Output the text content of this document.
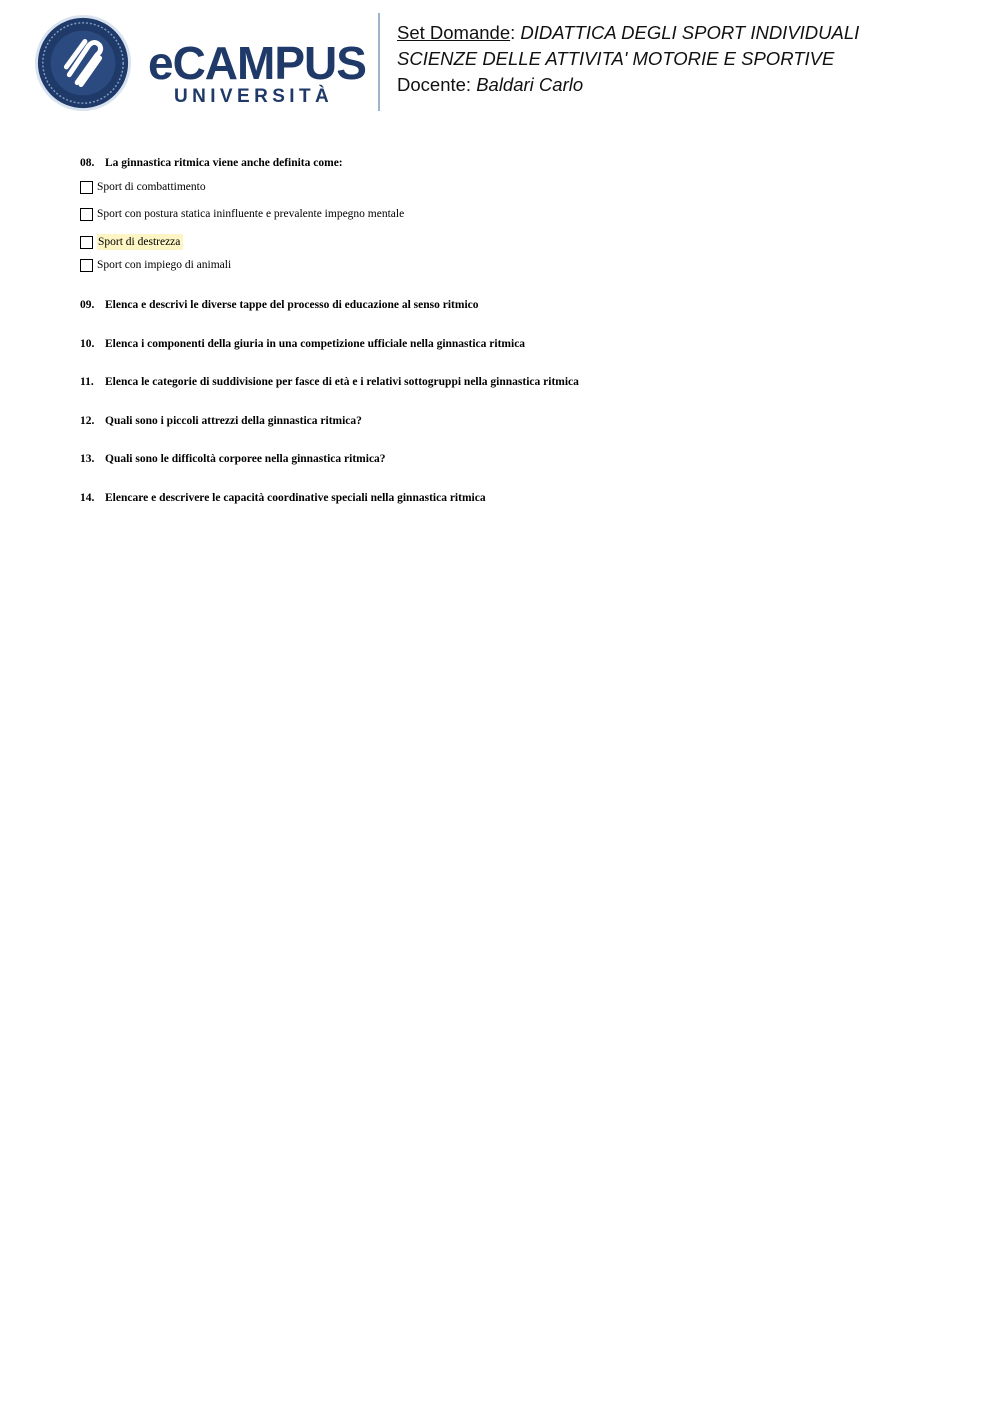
eCAMPUS
UNIVERSITÀ
Set Domande: DIDATTICA DEGLI SPORT INDIVIDUALI
SCIENZE DELLE ATTIVITA' MOTORIE E SPORTIVE
Docente: Baldari Carlo
08. La ginnastica ritmica viene anche definita come:
Sport di combattimento
Sport con postura statica ininfluente e prevalente impegno mentale
Sport di destrezza
Sport con impiego di animali
09. Elenca e descrivi le diverse tappe del processo di educazione al senso ritmico
10. Elenca i componenti della giuria in una competizione ufficiale nella ginnastica ritmica
11. Elenca le categorie di suddivisione per fasce di età e i relativi sottogruppi nella ginnastica ritmica
12. Quali sono i piccoli attrezzi della ginnastica ritmica?
13. Quali sono le difficoltà corporee nella ginnastica ritmica?
14. Elencare e descrivere le capacità coordinative speciali nella ginnastica ritmica
